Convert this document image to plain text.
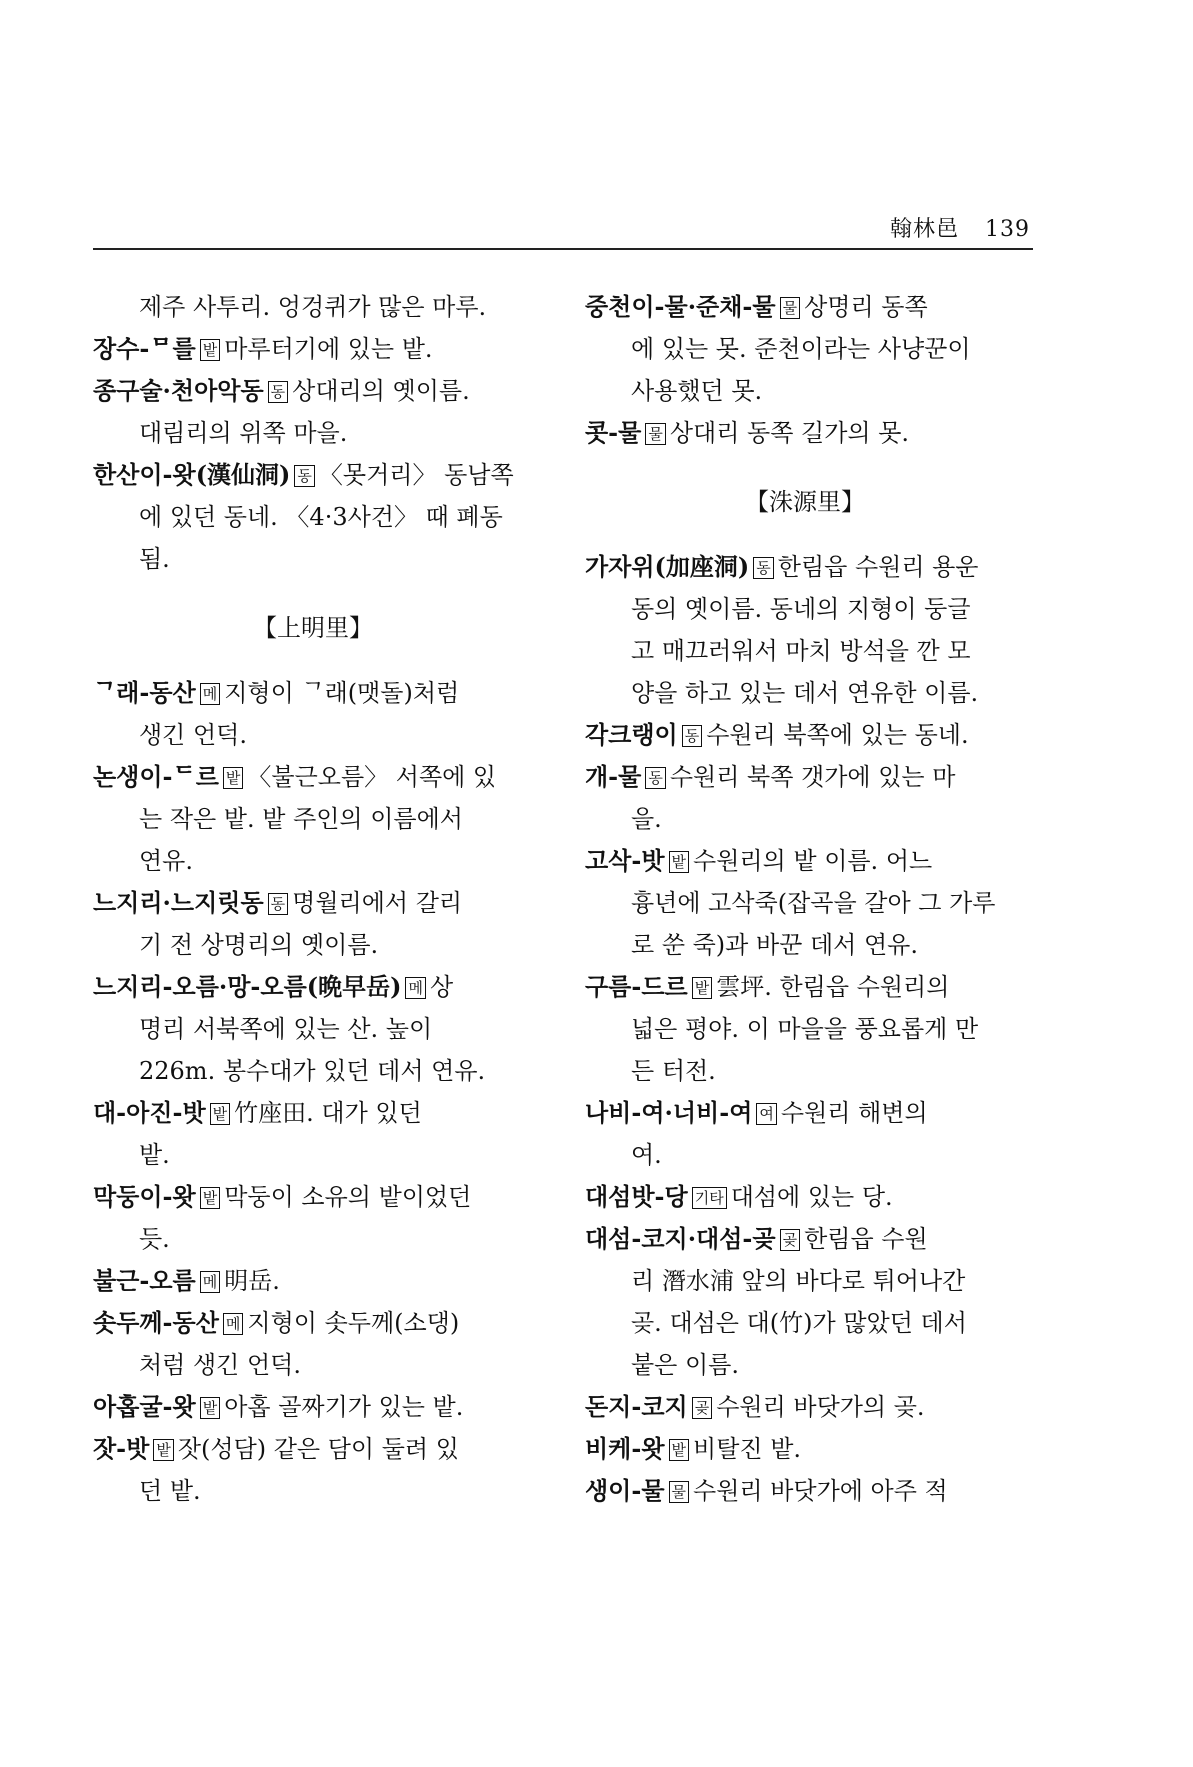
翰林邑 139
제주 사투리. 엉겅퀴가 많은 마루.
장수-ᄆ를 밭 마루터기에 있는 밭.
종구술·천아악동 동 상대리의 옛이름.
대림리의 위쪽 마을.
한산이-왓(漢仙洞) 동 〈못거리〉 동남쪽
에 있던 동네. 〈4·3사건〉 때 폐동
됨.
【上明里】
ᄀ래-동산 메 지형이 ᄀ래(맷돌)처럼
생긴 언덕.
논생이-ᄃ르 밭 〈불근오름〉 서쪽에 있
는 작은 밭. 밭 주인의 이름에서
연유.
느지리·느지릿동 동 명월리에서 갈리
기 전 상명리의 옛이름.
느지리-오름·망-오름(晩早岳) 메 상
명리 서북쪽에 있는 산. 높이
226m. 봉수대가 있던 데서 연유.
대-아진-밧 밭 竹座田. 대가 있던
밭.
막둥이-왓 밭 막둥이 소유의 밭이었던
듯.
불근-오름 메 明岳.
솟두께-동산 메 지형이 솟두께(소댕)
처럼 생긴 언덕.
아홉굴-왓 밭 아홉 골짜기가 있는 밭.
잣-밧 밭 잣(성담) 같은 담이 둘려 있
던 밭.
중천이-물·준채-물 물 상명리 동쪽
에 있는 못. 준천이라는 사냥꾼이
사용했던 못.
콧-물 물 상대리 동쪽 길가의 못.
【洙源里】
가자위(加座洞) 동 한림읍 수원리 용운
동의 옛이름. 동네의 지형이 둥글
고 매끄러워서 마치 방석을 깐 모
양을 하고 있는 데서 연유한 이름.
각크랭이 동 수원리 북쪽에 있는 동네.
개-물 동 수원리 북쪽 갯가에 있는 마
을.
고삭-밧 밭 수원리의 밭 이름. 어느
흉년에 고삭죽(잡곡을 갈아 그 가루
로 쑨 죽)과 바꾼 데서 연유.
구름-드르 밭 雲坪. 한림읍 수원리의
넓은 평야. 이 마을을 풍요롭게 만
든 터전.
나비-여·너비-여 여 수원리 해변의
여.
대섬밧-당 기타 대섬에 있는 당.
대섬-코지·대섬-곶 곶 한림읍 수원
리 潛水浦 앞의 바다로 튀어나간
곶. 대섬은 대(竹)가 많았던 데서
붙은 이름.
돈지-코지 곶 수원리 바닷가의 곶.
비케-왓 밭 비탈진 밭.
생이-물 물 수원리 바닷가에 아주 적
